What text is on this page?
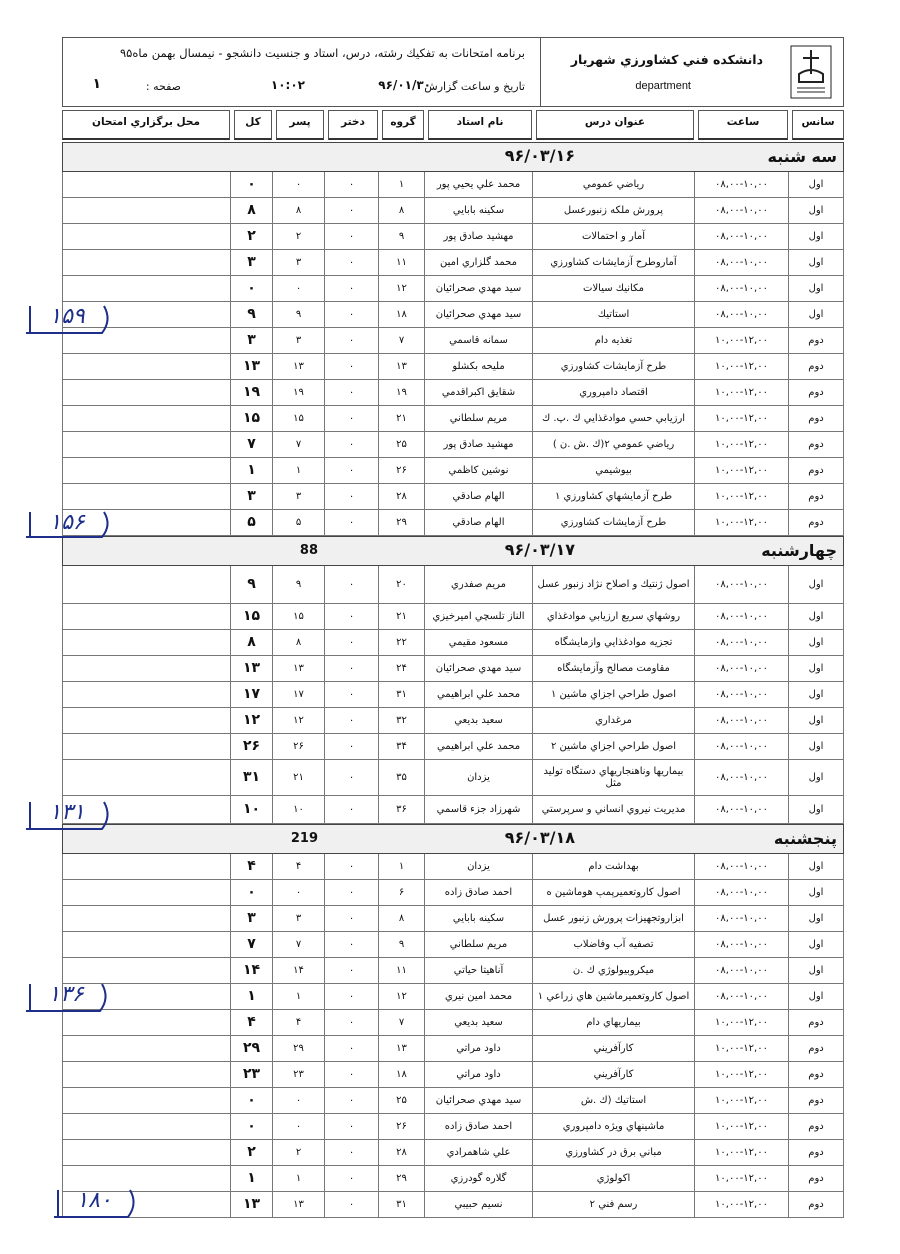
دانشكده فني كشاورزي شهريار
department
برنامه امتحانات به تفكيك رشته، درس، استاد و جنسيت دانشجو - نيمسال بهمن ماه۹۵
تاريخ و ساعت گزارش
۹۶/۰۱/۳۰
۱۰:۰۲
صفحه :
۱
سانس
ساعت
عنوان درس
نام استاد
گروه
دختر
پسر
كل
محل برگزاري امتحان
سه شنبه
۹۶/۰۳/۱۶
اول
۰۸,۰۰-۱۰,۰۰
رياضي عمومي
محمد علي يحيي پور
۱
۰
۰
۰
اول
۰۸,۰۰-۱۰,۰۰
پرورش ملكه زنبورعسل
سكينه بابايي
۸
۰
۸
۸
اول
۰۸,۰۰-۱۰,۰۰
آمار و احتمالات
مهشيد صادق پور
۹
۰
۲
۲
اول
۰۸,۰۰-۱۰,۰۰
آماروطرح آزمايشات كشاورزي
محمد گلزاري امين
۱۱
۰
۳
۳
اول
۰۸,۰۰-۱۰,۰۰
مكانيك سيالات
سيد مهدي صحرائيان
۱۲
۰
۰
۰
اول
۰۸,۰۰-۱۰,۰۰
استاتيك
سيد مهدي صحرائيان
۱۸
۰
۹
۹
دوم
۱۰,۰۰-۱۲,۰۰
تغذيه دام
سمانه قاسمي
۷
۰
۳
۳
دوم
۱۰,۰۰-۱۲,۰۰
طرح آزمايشات كشاورزي
مليحه بكشلو
۱۳
۰
۱۳
۱۳
دوم
۱۰,۰۰-۱۲,۰۰
اقتصاد دامپروري
شقايق اكبراقدمي
۱۹
۰
۱۹
۱۹
دوم
۱۰,۰۰-۱۲,۰۰
ارزيابي حسي موادغذايي ك .پ. ك
مريم سلطاني
۲۱
۰
۱۵
۱۵
دوم
۱۰,۰۰-۱۲,۰۰
رياضي عمومي ۲(ك .ش .ن )
مهشيد صادق پور
۲۵
۰
۷
۷
دوم
۱۰,۰۰-۱۲,۰۰
بيوشيمي
نوشين كاظمي
۲۶
۰
۱
۱
دوم
۱۰,۰۰-۱۲,۰۰
طرح آزمايشهاي كشاورزي ۱
الهام صادقي
۲۸
۰
۳
۳
دوم
۱۰,۰۰-۱۲,۰۰
طرح آزمايشات كشاورزي
الهام صادقي
۲۹
۰
۵
۵
چهارشنبه
۹۶/۰۳/۱۷
88
اول
۰۸,۰۰-۱۰,۰۰
اصول ژنتيك و اصلاح نژاد زنبور عسل
مريم صفدري
۲۰
۰
۹
۹
اول
۰۸,۰۰-۱۰,۰۰
روشهاي سريع ارزيابي موادغذاي
الناز تلسچي اميرخيزي
۲۱
۰
۱۵
۱۵
اول
۰۸,۰۰-۱۰,۰۰
تجزيه موادغذايي وازمايشگاه
مسعود مقيمي
۲۲
۰
۸
۸
اول
۰۸,۰۰-۱۰,۰۰
مقاومت مصالح وآزمايشگاه
سيد مهدي صحرائيان
۲۴
۰
۱۳
۱۳
اول
۰۸,۰۰-۱۰,۰۰
اصول طراحي اجزاي ماشين ۱
محمد علي ابراهيمي
۳۱
۰
۱۷
۱۷
اول
۰۸,۰۰-۱۰,۰۰
مرغداري
سعيد بديعي
۳۲
۰
۱۲
۱۲
اول
۰۸,۰۰-۱۰,۰۰
اصول طراحي اجزاي ماشين ۲
محمد علي ابراهيمي
۳۴
۰
۲۶
۲۶
اول
۰۸,۰۰-۱۰,۰۰
بيماريها وناهنجاريهاي دستگاه توليد مثل
يزدان
۳۵
۰
۲۱
۳۱
اول
۰۸,۰۰-۱۰,۰۰
مديريت نيروي انساني و سرپرستي
شهرزاد جزء قاسمي
۳۶
۰
۱۰
۱۰
پنجشنبه
۹۶/۰۳/۱۸
219
اول
۰۸,۰۰-۱۰,۰۰
بهداشت دام
يزدان
۱
۰
۴
۴
اول
۰۸,۰۰-۱۰,۰۰
اصول كاروتعميرپمپ هوماشين ه
احمد صادق زاده
۶
۰
۰
۰
اول
۰۸,۰۰-۱۰,۰۰
ابزاروتجهيزات پرورش زنبور عسل
سكينه بابايي
۸
۰
۳
۳
اول
۰۸,۰۰-۱۰,۰۰
تصفيه آب وفاضلاب
مريم سلطاني
۹
۰
۷
۷
اول
۰۸,۰۰-۱۰,۰۰
ميكروبيولوژي ك .ن
آناهيتا حياتي
۱۱
۰
۱۴
۱۴
اول
۰۸,۰۰-۱۰,۰۰
اصول كاروتعميرماشين هاي زراعي ۱
محمد امين نيري
۱۲
۰
۱
۱
دوم
۱۰,۰۰-۱۲,۰۰
بيماريهاي دام
سعيد بديعي
۷
۰
۴
۴
دوم
۱۰,۰۰-۱۲,۰۰
كارآفريني
داود مراتي
۱۳
۰
۲۹
۲۹
دوم
۱۰,۰۰-۱۲,۰۰
كارآفريني
داود مراتي
۱۸
۰
۲۳
۲۳
دوم
۱۰,۰۰-۱۲,۰۰
استاتيك (ك .ش
سيد مهدي صحرائيان
۲۵
۰
۰
۰
دوم
۱۰,۰۰-۱۲,۰۰
ماشينهاي ويژه دامپروري
احمد صادق زاده
۲۶
۰
۰
۰
دوم
۱۰,۰۰-۱۲,۰۰
مباني برق در كشاورزي
علي شاهمرادي
۲۸
۰
۲
۲
دوم
۱۰,۰۰-۱۲,۰۰
اكولوژي
گلاره گودرزي
۲۹
۰
۱
۱
دوم
۱۰,۰۰-۱۲,۰۰
رسم فني ۲
نسيم حبيبي
۳۱
۰
۱۳
۱۳
۱۵۹
۱۵۶
۱۳۱
۱۳۶
۱۸۰
